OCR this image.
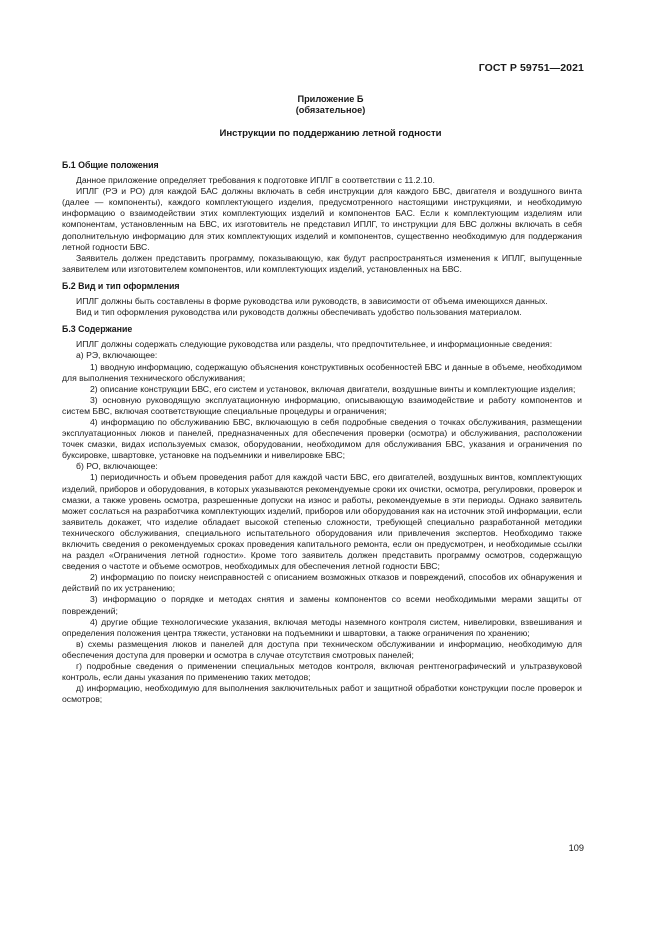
ГОСТ Р 59751—2021
Приложение Б
(обязательное)
Инструкции по поддержанию летной годности
Б.1 Общие положения

Данное приложение определяет требования к подготовке ИПЛГ в соответствии с 11.2.10.

ИПЛГ (РЭ и РО) для каждой БАС должны включать в себя инструкции для каждого БВС, двигателя и воздушного винта (далее — компоненты), каждого комплектующего изделия, предусмотренного настоящими инструкциями, и необходимую информацию о взаимодействии этих комплектующих изделий и компонентов БАС. Если к комплектующим изделиям или компонентам, установленным на БВС, их изготовитель не представил ИПЛГ, то инструкции для БВС должны включать в себя дополнительную информацию для этих комплектующих изделий и компонентов, существенно необходимую для поддержания летной годности БВС.

Заявитель должен представить программу, показывающую, как будут распространяться изменения к ИПЛГ, выпущенные заявителем или изготовителем компонентов, или комплектующих изделий, установленных на БВС.

Б.2 Вид и тип оформления

ИПЛГ должны быть составлены в форме руководства или руководств, в зависимости от объема имеющихся данных.

Вид и тип оформления руководства или руководств должны обеспечивать удобство пользования материалом.

Б.3 Содержание

ИПЛГ должны содержать следующие руководства или разделы, что предпочтительнее, и информационные сведения:

а) РЭ, включающее:

1) вводную информацию, содержащую объяснения конструктивных особенностей БВС и данные в объеме, необходимом для выполнения технического обслуживания;

2) описание конструкции БВС, его систем и установок, включая двигатели, воздушные винты и комплектующие изделия;

3) основную руководящую эксплуатационную информацию, описывающую взаимодействие и работу компонентов и систем БВС, включая соответствующие специальные процедуры и ограничения;

4) информацию по обслуживанию БВС, включающую в себя подробные сведения о точках обслуживания, размещении эксплуатационных люков и панелей, предназначенных для обеспечения проверки (осмотра) и обслуживания, расположении точек смазки, видах используемых смазок, оборудовании, необходимом для обслуживания БВС, указания и ограничения по буксировке, швартовке, установке на подъемники и нивелировке БВС;

б) РО, включающее:

1) периодичность и объем проведения работ для каждой части БВС, его двигателей, воздушных винтов, комплектующих изделий, приборов и оборудования, в которых указываются рекомендуемые сроки их очистки, осмотра, регулировки, проверок и смазки, а также уровень осмотра, разрешенные допуски на износ и работы, рекомендуемые в эти периоды. Однако заявитель может сослаться на разработчика комплектующих изделий, приборов или оборудования как на источник этой информации, если заявитель докажет, что изделие обладает высокой степенью сложности, требующей специально разработанной методики технического обслуживания, специального испытательного оборудования или привлечения экспертов. Необходимо также включить сведения о рекомендуемых сроках проведения капитального ремонта, если он предусмотрен, и необходимые ссылки на раздел «Ограничения летной годности». Кроме того заявитель должен представить программу осмотров, содержащую сведения о частоте и объеме осмотров, необходимых для обеспечения летной годности БВС;

2) информацию по поиску неисправностей с описанием возможных отказов и повреждений, способов их обнаружения и действий по их устранению;

3) информацию о порядке и методах снятия и замены компонентов со всеми необходимыми мерами защиты от повреждений;

4) другие общие технологические указания, включая методы наземного контроля систем, нивелировки, взвешивания и определения положения центра тяжести, установки на подъемники и швартовки, а также ограничения по хранению;

в) схемы размещения люков и панелей для доступа при техническом обслуживании и информацию, необходимую для обеспечения доступа для проверки и осмотра в случае отсутствия смотровых панелей;

г) подробные сведения о применении специальных методов контроля, включая рентгенографический и ультразвуковой контроль, если даны указания по применению таких методов;

д) информацию, необходимую для выполнения заключительных работ и защитной обработки конструкции после проверок и осмотров;

109
